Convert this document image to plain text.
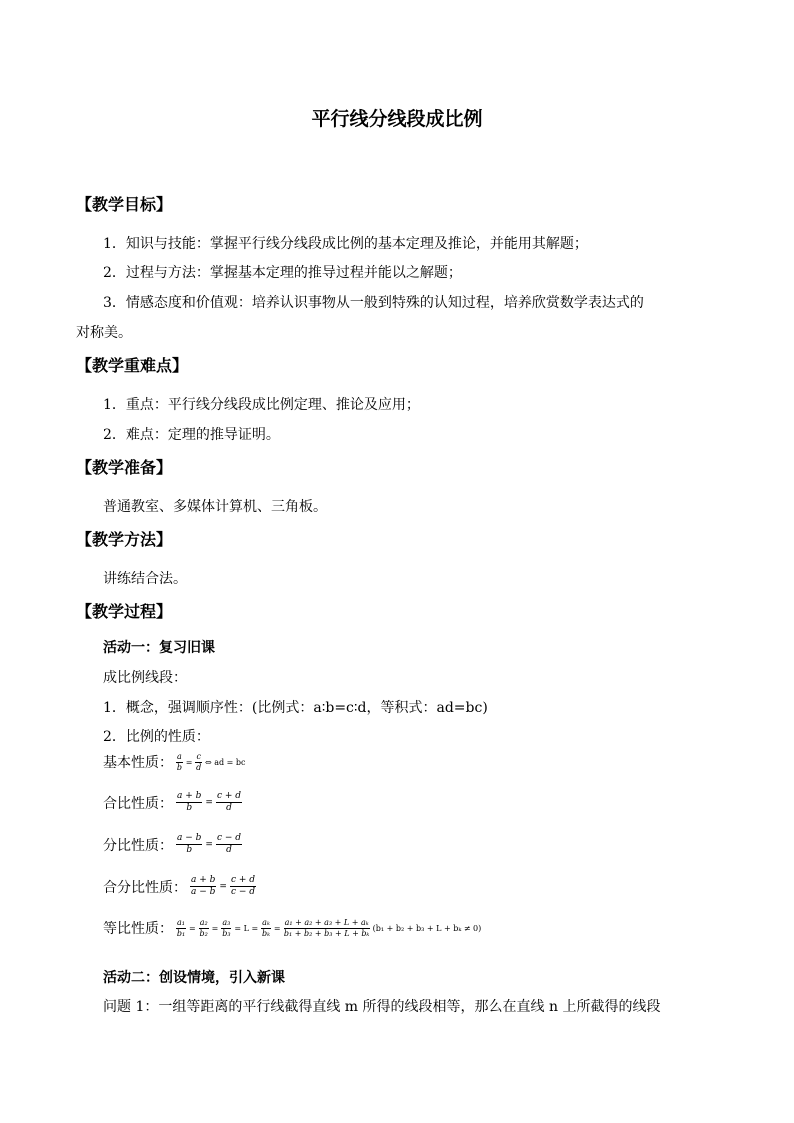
平行线分线段成比例
【教学目标】
1．知识与技能：掌握平行线分线段成比例的基本定理及推论，并能用其解题；
2．过程与方法：掌握基本定理的推导过程并能以之解题；
3．情感态度和价值观：培养认识事物从一般到特殊的认知过程，培养欣赏数学表达式的
对称美。
【教学重难点】
1．重点：平行线分线段成比例定理、推论及应用；
2．难点：定理的推导证明。
【教学准备】
普通教室、多媒体计算机、三角板。
【教学方法】
讲练结合法。
【教学过程】
活动一：复习旧课
成比例线段：
1．概念，强调顺序性：(比例式：a∶b=c∶d，等积式：ad=bc)
2．比例的性质：
基本性质： $\frac{a}{b} = \frac{c}{d}$ ⇔ ad = bc
合比性质： $\frac{a + b}{b} = \frac{c + d}{d}$
分比性质： $\frac{a - b}{b} = \frac{c - d}{d}$
合分比性质： $\frac{a + b}{a - b} = \frac{c + d}{c - d}$
等比性质： $\frac{\text{a₁}}{\text{b₁}} = \frac{\text{a₂}}{\text{b₂}} = \frac{\text{a₃}}{\text{b₃}} = L = \frac{\text{aₖ}}{\text{bₖ}} = \frac{\text{a₁ + a₂ + a₃ + L + aₖ}}{\text{b₁ + b₂ + b₃ + L + bₖ}} (b_1 + b_2 + b_3 + L + b_k \ne 0)$
活动二：创设情境，引入新课
问题 1：一组等距离的平行线截得直线 m 所得的线段相等，那么在直线 n 上所截得的线段
